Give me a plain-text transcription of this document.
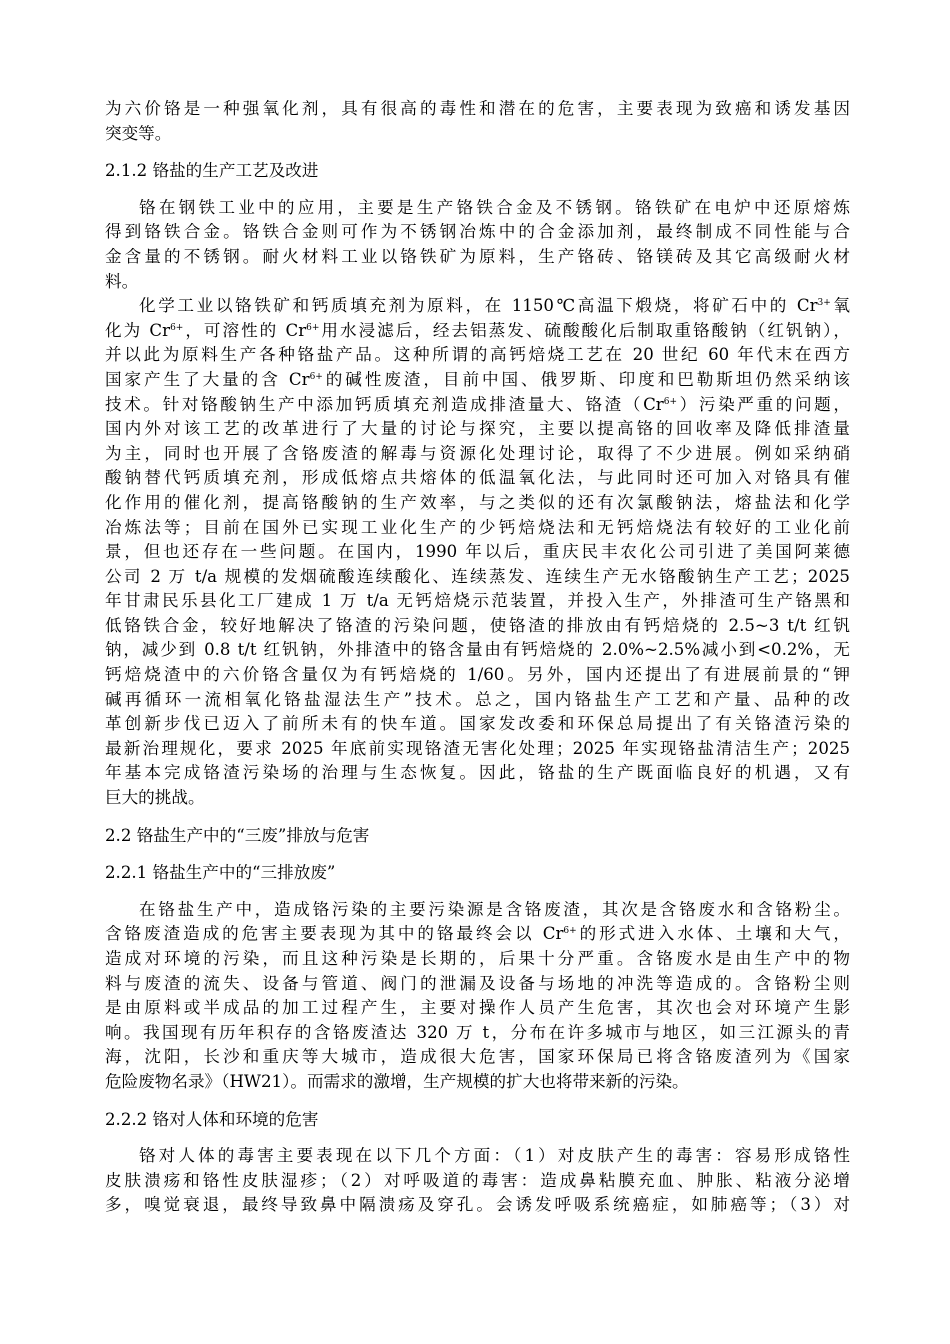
为六价铬是一种强氧化剂，具有很高的毒性和潜在的危害，主要表现为致癌和诱发基因
突变等。
2.1.2 铬盐的生产工艺及改进
铬在钢铁工业中的应用，主要是生产铬铁合金及不锈钢。铬铁矿在电炉中还原熔炼
得到铬铁合金。铬铁合金则可作为不锈钢冶炼中的合金添加剂，最终制成不同性能与合
金含量的不锈钢。耐火材料工业以铬铁矿为原料，生产铬砖、铬镁砖及其它高级耐火材
料。
化学工业以铬铁矿和钙质填充剂为原料，在 1150℃高温下煅烧，将矿石中的 $Cr^{3+}$氧
化为 $Cr^{6+}$，可溶性的 $Cr^{6+}$用水浸滤后，经去铝蒸发、硫酸酸化后制取重铬酸钠（红钒钠），
并以此为原料生产各种铬盐产品。这种所谓的高钙焙烧工艺在 20 世纪 60 年代末在西方
国家产生了大量的含 $Cr^{6+}$的碱性废渣，目前中国、俄罗斯、印度和巴勒斯坦仍然采纳该
技术。针对铬酸钠生产中添加钙质填充剂造成排渣量大、铬渣$(Cr^{6+})$污染严重的问题，
国内外对该工艺的改革进行了大量的讨论与探究，主要以提高铬的回收率及降低排渣量
为主，同时也开展了含铬废渣的解毒与资源化处理讨论，取得了不少进展。例如采纳硝
酸钠替代钙质填充剂，形成低熔点共熔体的低温氧化法，与此同时还可加入对铬具有催
化作用的催化剂，提高铬酸钠的生产效率，与之类似的还有次氯酸钠法，熔盐法和化学
冶炼法等；目前在国外已实现工业化生产的少钙焙烧法和无钙焙烧法有较好的工业化前
景，但也还存在一些问题。在国内，1990 年以后，重庆民丰农化公司引进了美国阿莱德
公司 2 万 t/a 规模的发烟硫酸连续酸化、连续蒸发、连续生产无水铬酸钠生产工艺；2025
年甘肃民乐县化工厂建成 1 万 t/a 无钙焙烧示范装置，并投入生产，外排渣可生产铬黑和
低铬铁合金，较好地解决了铬渣的污染问题，使铬渣的排放由有钙焙烧的 2.5~3 t/t 红钒
钠，减少到 0.8 t/t 红钒钠，外排渣中的铬含量由有钙焙烧的 2.0%~2.5%减小到<0.2%，无
钙焙烧渣中的六价铬含量仅为有钙焙烧的 1/60。另外，国内还提出了有进展前景的“钾
碱再循环一流相氧化铬盐湿法生产”技术。总之，国内铬盐生产工艺和产量、品种的改
革创新步伐已迈入了前所未有的快车道。国家发改委和环保总局提出了有关铬渣污染的
最新治理规化，要求 2025 年底前实现铬渣无害化处理；2025 年实现铬盐清洁生产；2025
年基本完成铬渣污染场的治理与生态恢复。因此，铬盐的生产既面临良好的机遇，又有
巨大的挑战。
2.2 铬盐生产中的“三废”排放与危害
2.2.1 铬盐生产中的“三排放废”
在铬盐生产中，造成铬污染的主要污染源是含铬废渣，其次是含铬废水和含铬粉尘。
含铬废渣造成的危害主要表现为其中的铬最终会以 $Cr^{6+}$的形式进入水体、土壤和大气，
造成对环境的污染，而且这种污染是长期的，后果十分严重。含铬废水是由生产中的物
料与废渣的流失、设备与管道、阀门的泄漏及设备与场地的冲洗等造成的。含铬粉尘则
是由原料或半成品的加工过程产生，主要对操作人员产生危害，其次也会对环境产生影
响。我国现有历年积存的含铬废渣达 320 万 t，分布在许多城市与地区，如三江源头的青
海，沈阳，长沙和重庆等大城市，造成很大危害，国家环保局已将含铬废渣列为《国家
危险废物名录》（HW21）。而需求的激增，生产规模的扩大也将带来新的污染。
2.2.2 铬对人体和环境的危害
铬对人体的毒害主要表现在以下几个方面：（1）对皮肤产生的毒害：容易形成铬性
皮肤溃疡和铬性皮肤湿疹；（2）对呼吸道的毒害：造成鼻粘膜充血、肿胀、粘液分泌增
多，嗅觉衰退，最终导致鼻中隔溃疡及穿孔。会诱发呼吸系统癌症，如肺癌等；（3）对
